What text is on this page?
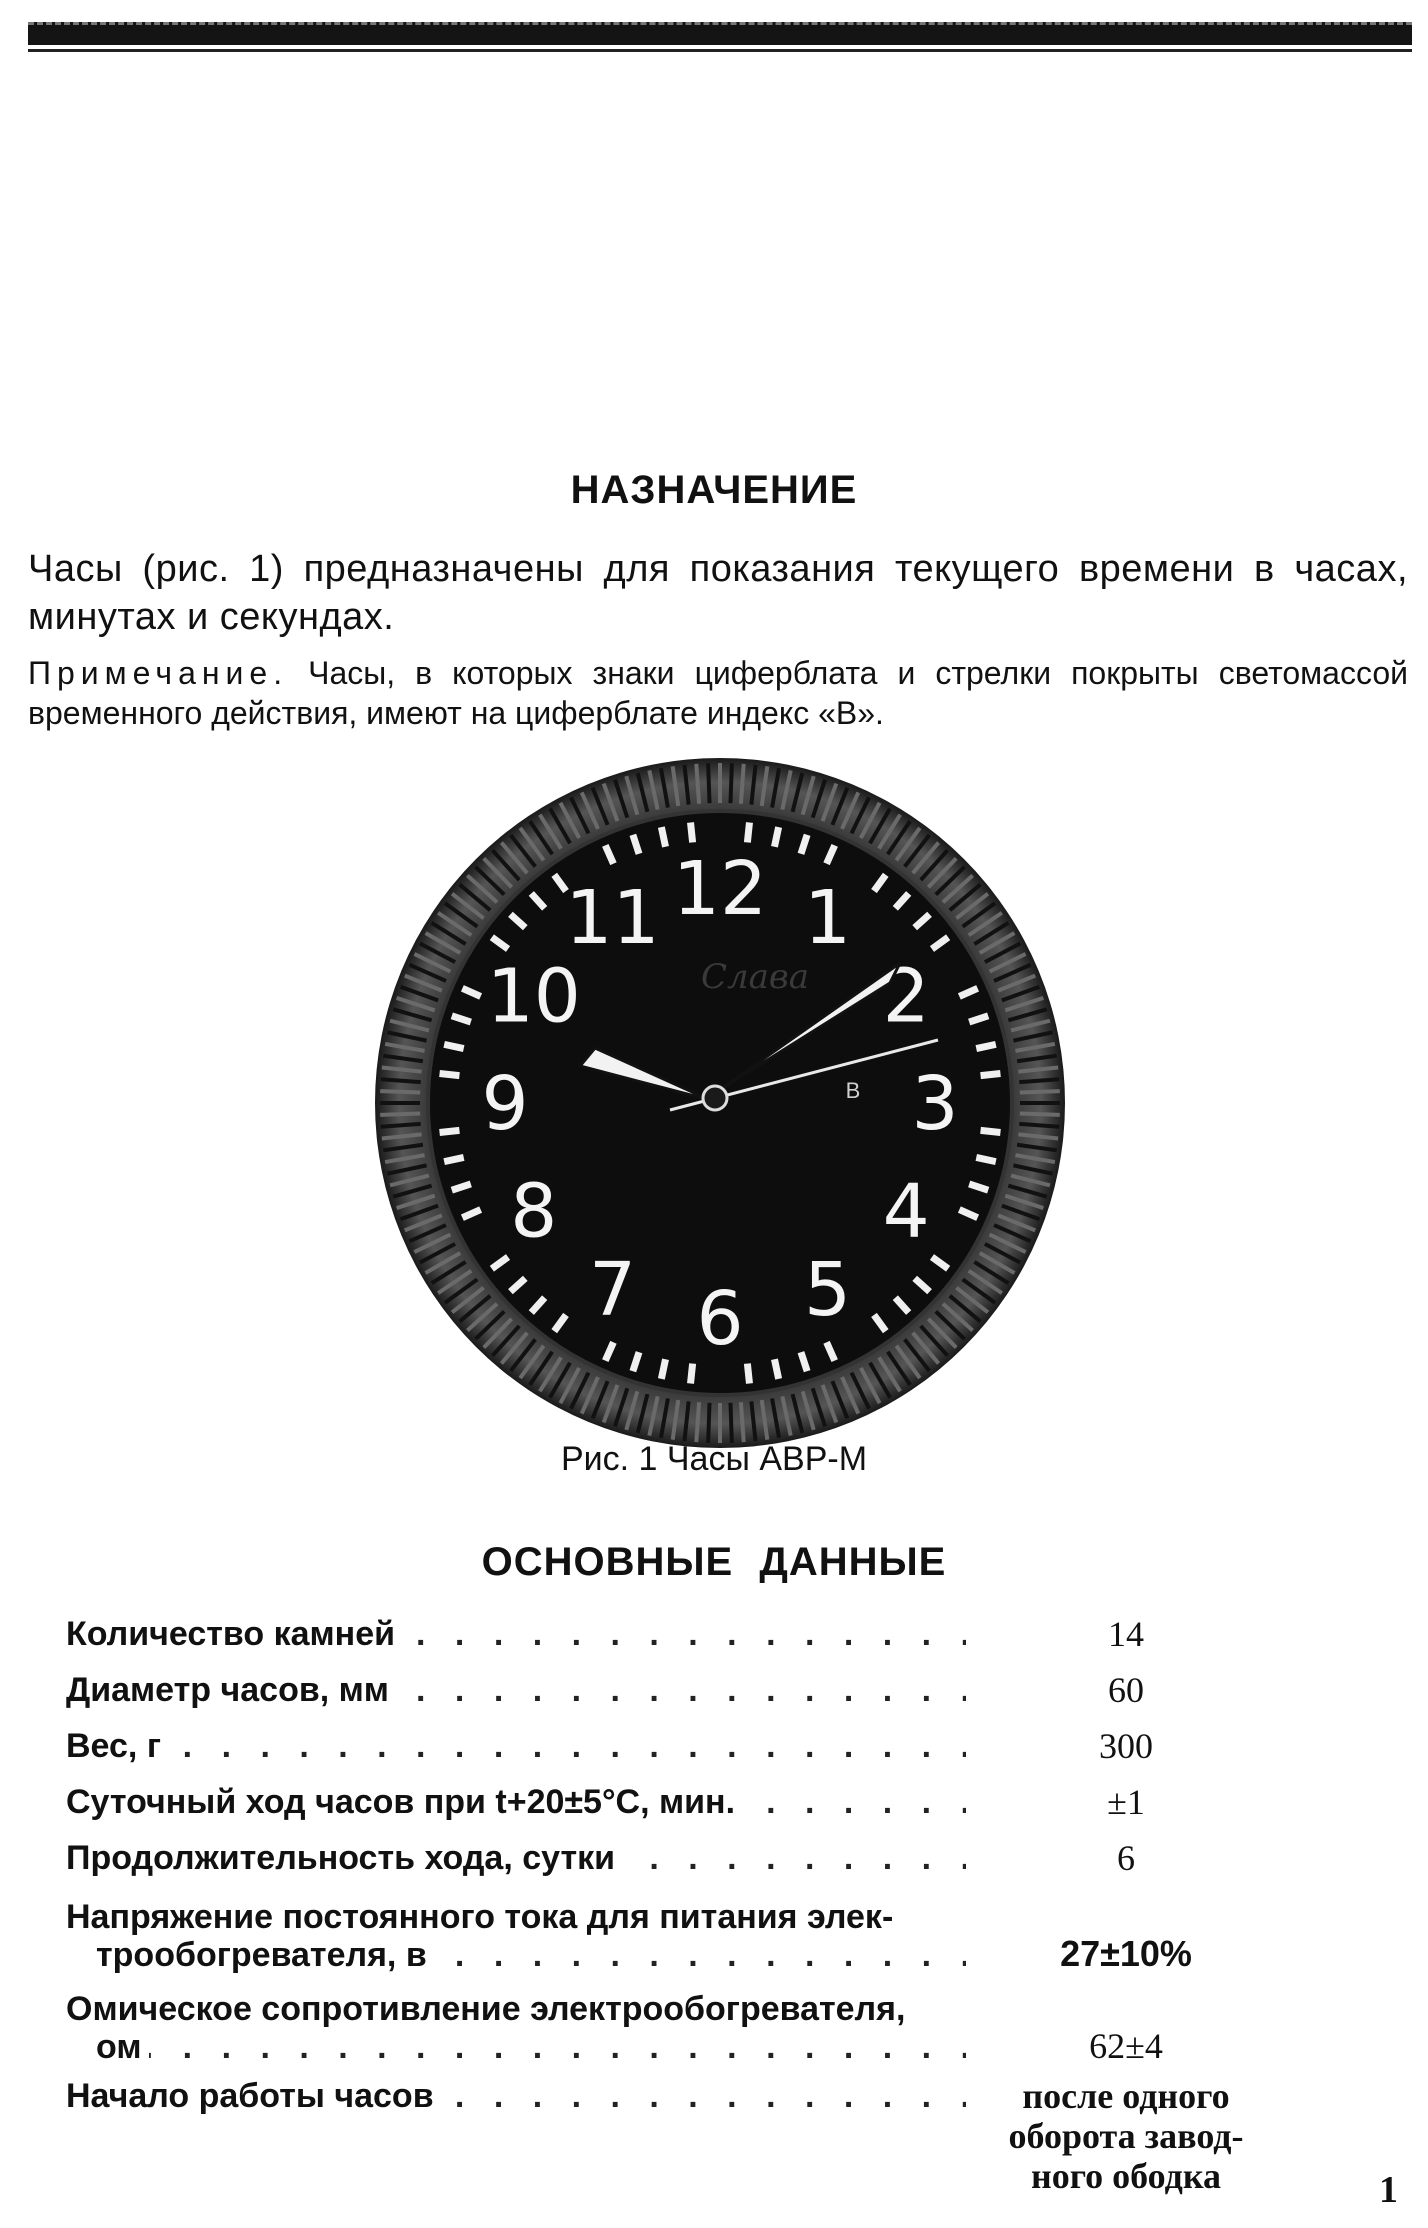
НАЗНАЧЕНИЕ
Часы (рис. 1) предназначены для показания текущего времени в часах, минутах и секундах.
Примечание. Часы, в которых знаки циферблата и стрелки покрыты светомассой временного действия, имеют на циферблате индекс «В».
12 1
2
3
4
5
6
7
8
9
10
11
Слава
В
Рис. 1 Часы АВР-М
ОСНОВНЫЕ ДАННЫЕ
Количество камней . . .	14
Диаметр часов, мм . . .	60
Вес, г . . .	300
Суточный ход часов при t+20±5°С, мин. . . .	±1
Продолжительность хода, сутки . . .	6
Напряжение постоянного тока для питания элек-
трообогревателя, в . . .	27±10%
Омическое сопротивление электрообогревателя,
ом . . .	62±4
Начало работы часов . . .	после одного
оборота завод-
ного ободка	1
